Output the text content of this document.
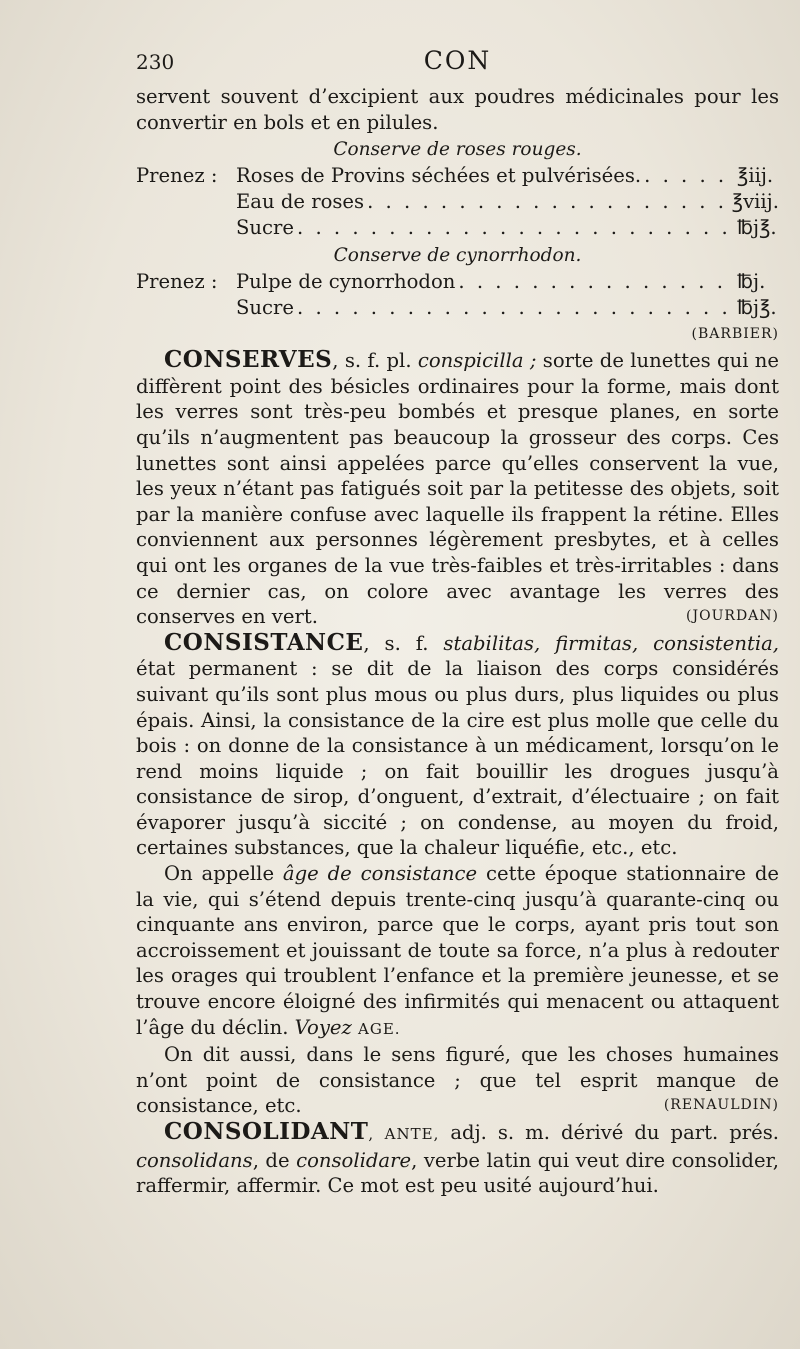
230	CON

servent souvent d’excipient aux poudres médicinales pour les convertir en bols et en pilules.

Conserve de roses rouges.
Prenez : Roses de Provins séchées et pulvérisées. . . .	℥iij.
Eau de roses . . .	℥viij.
Sucre . . .	℔j℥.
Conserve de cynorrhodon.
Prenez : Pulpe de cynorrhodon . . .	℔j.
Sucre . . .	℔j℥.
(BARBIER)

CONSERVES, s. f. pl. conspicilla ; sorte de lunettes qui ne diffèrent point des bésicles ordinaires pour la forme, mais dont les verres sont très-peu bombés et presque planes, en sorte qu’ils n’augmentent pas beaucoup la grosseur des corps. Ces lunettes sont ainsi appelées parce qu’elles conservent la vue, les yeux n’étant pas fatigués soit par la petitesse des objets, soit par la manière confuse avec laquelle ils frappent la rétine. Elles conviennent aux personnes légèrement presbytes, et à celles qui ont les organes de la vue très-faibles et très-irritables : dans ce dernier cas, on colore avec avantage les verres des conserves en vert.	(JOURDAN)

CONSISTANCE, s. f. stabilitas, firmitas, consistentia, état permanent : se dit de la liaison des corps considérés suivant qu’ils sont plus mous ou plus durs, plus liquides ou plus épais. Ainsi, la consistance de la cire est plus molle que celle du bois : on donne de la consistance à un médicament, lorsqu’on le rend moins liquide ; on fait bouillir les drogues jusqu’à consistance de sirop, d’onguent, d’extrait, d’électuaire ; on fait évaporer jusqu’à siccité ; on condense, au moyen du froid, certaines substances, que la chaleur liquéfie, etc., etc.

On appelle âge de consistance cette époque stationnaire de la vie, qui s’étend depuis trente-cinq jusqu’à quarante-cinq ou cinquante ans environ, parce que le corps, ayant pris tout son accroissement et jouissant de toute sa force, n’a plus à redouter les orages qui troublent l’enfance et la première jeunesse, et se trouve encore éloigné des infirmités qui menacent ou attaquent l’âge du déclin. Voyez AGE.

On dit aussi, dans le sens figuré, que les choses humaines n’ont point de consistance ; que tel esprit manque de consistance, etc.	(RENAULDIN)

CONSOLIDANT, ANTE, adj. s. m. dérivé du part. prés. consolidans, de consolidare, verbe latin qui veut dire consolider, raffermir, affermir. Ce mot est peu usité aujourd’hui.
